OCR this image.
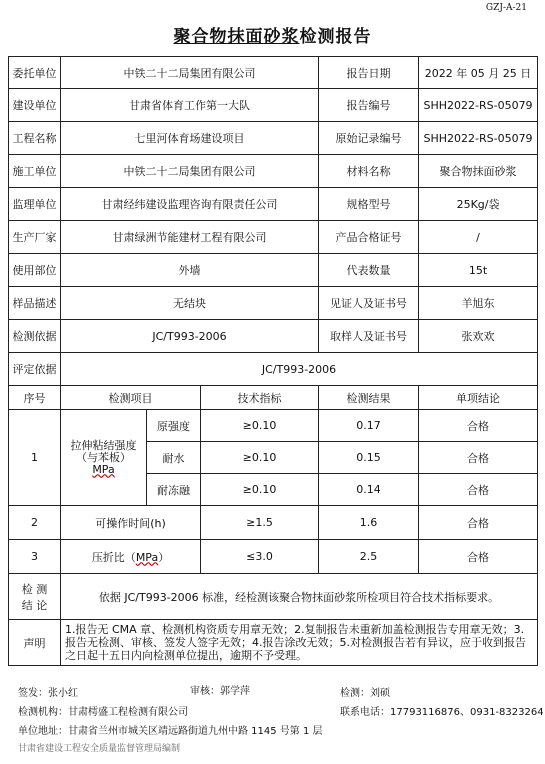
GZJ-A-21
聚合物抹面砂浆检测报告
委托单位	中铁二十二局集团有限公司			报告日期	2022 年 05 月 25 日
建设单位	甘肃省体育工作第一大队			报告编号	SHH2022-RS-05079
工程名称	七里河体育场建设项目			原始记录编号	SHH2022-RS-05079
施工单位	中铁二十二局集团有限公司			材料名称	聚合物抹面砂浆
监理单位	甘肃经纬建设监理咨询有限责任公司			规格型号	25Kg/袋
生产厂家	甘肃绿洲节能建材工程有限公司			产品合格证号	/
使用部位	外墙			代表数量	15t
样品描述	无结块			见证人及证书号	羊旭东
检测依据	JC/T993-2006			取样人及证书号	张欢欢
评定依据	JC/T993-2006				
序号	检测项目		技术指标	检测结果	单项结论
1	拉伸粘结强度
（与苯板）
MPa	原强度	≥0.10	0.17	合格
		耐水	≥0.10	0.15	合格
		耐冻融	≥0.10	0.14	合格
2	可操作时间(h)		≥1.5	1.6	合格
3	压折比（MPa）		≤3.0	2.5	合格
检 测
结 论	依据 JC/T993-2006 标准，经检测该聚合物抹面砂浆所检项目符合技术指标要求。				
声明	1.报告无 CMA 章、检测机构资质专用章无效；2.复制报告未重新加盖检测报告专用章无效；3.报告无检测、审核、签发人签字无效；4.报告涂改无效；5.对检测报告若有异议，应于收到报告之日起十五日内向检测单位提出，逾期不予受理。				
签发：张小红	审核：郭学萍	检测：刘硕
检测机构：甘肃樗盛工程检测有限公司	联系电话：17793116876、0931-8323264
单位地址：甘肃省兰州市城关区靖远路街道九州中路 1145 号第 1 层
甘肃省建设工程安全质量监督管理局编制
